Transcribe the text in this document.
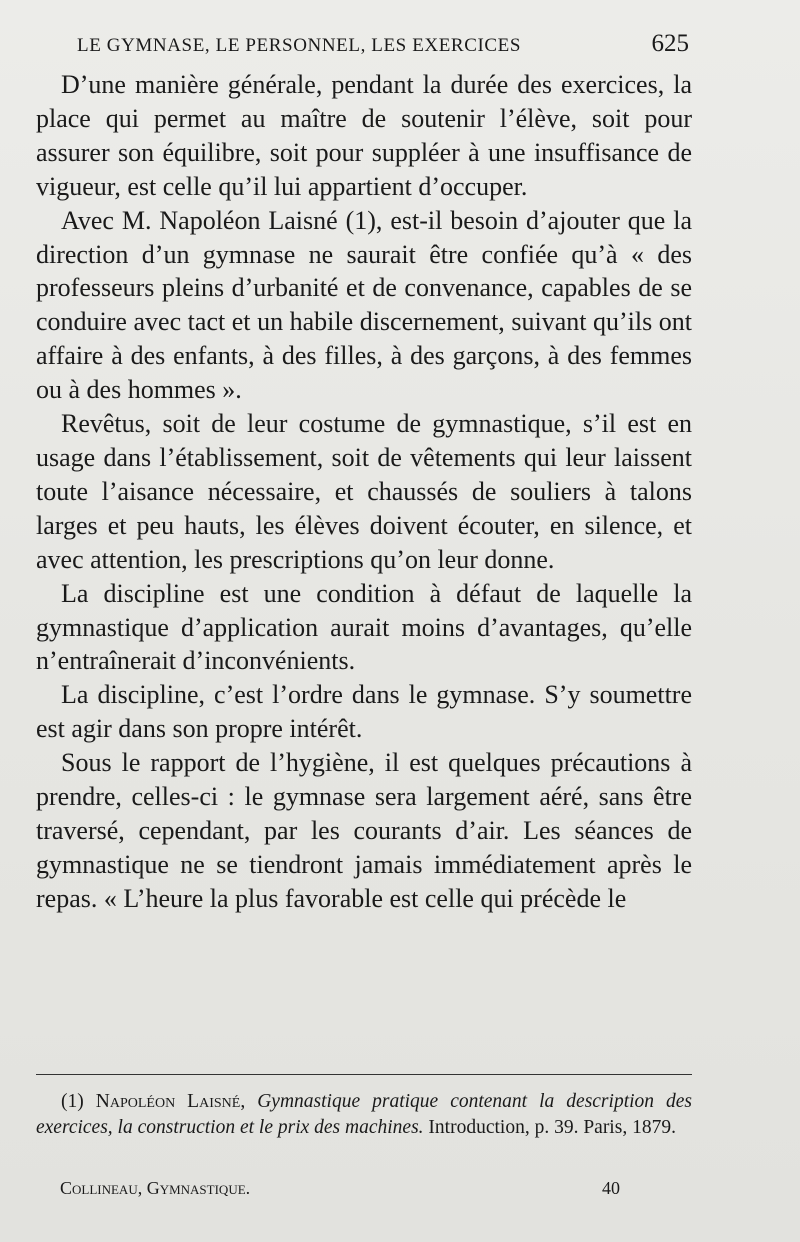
LE GYMNASE, LE PERSONNEL, LES EXERCICES	625

D’une manière générale, pendant la durée des exercices, la place qui permet au maître de soutenir l’élève, soit pour assurer son équilibre, soit pour suppléer à une insuffisance de vigueur, est celle qu’il lui appartient d’occuper.

Avec M. Napoléon Laisné (1), est-il besoin d’ajouter que la direction d’un gymnase ne saurait être confiée qu’à « des professeurs pleins d’urbanité et de convenance, capables de se conduire avec tact et un habile discernement, suivant qu’ils ont affaire à des enfants, à des filles, à des garçons, à des femmes ou à des hommes ».

Revêtus, soit de leur costume de gymnastique, s’il est en usage dans l’établissement, soit de vêtements qui leur laissent toute l’aisance nécessaire, et chaussés de souliers à talons larges et peu hauts, les élèves doivent écouter, en silence, et avec attention, les prescriptions qu’on leur donne.

La discipline est une condition à défaut de laquelle la gymnastique d’application aurait moins d’avantages, qu’elle n’entraînerait d’inconvénients.

La discipline, c’est l’ordre dans le gymnase. S’y soumettre est agir dans son propre intérêt.

Sous le rapport de l’hygiène, il est quelques précautions à prendre, celles-ci : le gymnase sera largement aéré, sans être traversé, cependant, par les courants d’air. Les séances de gymnastique ne se tiendront jamais immédiatement après le repas. « L’heure la plus favorable est celle qui précède le

(1) Napoléon Laisné, Gymnastique pratique contenant la description des exercices, la construction et le prix des machines. Introduction, p. 39. Paris, 1879.

Collineau, Gymnastique.	40
